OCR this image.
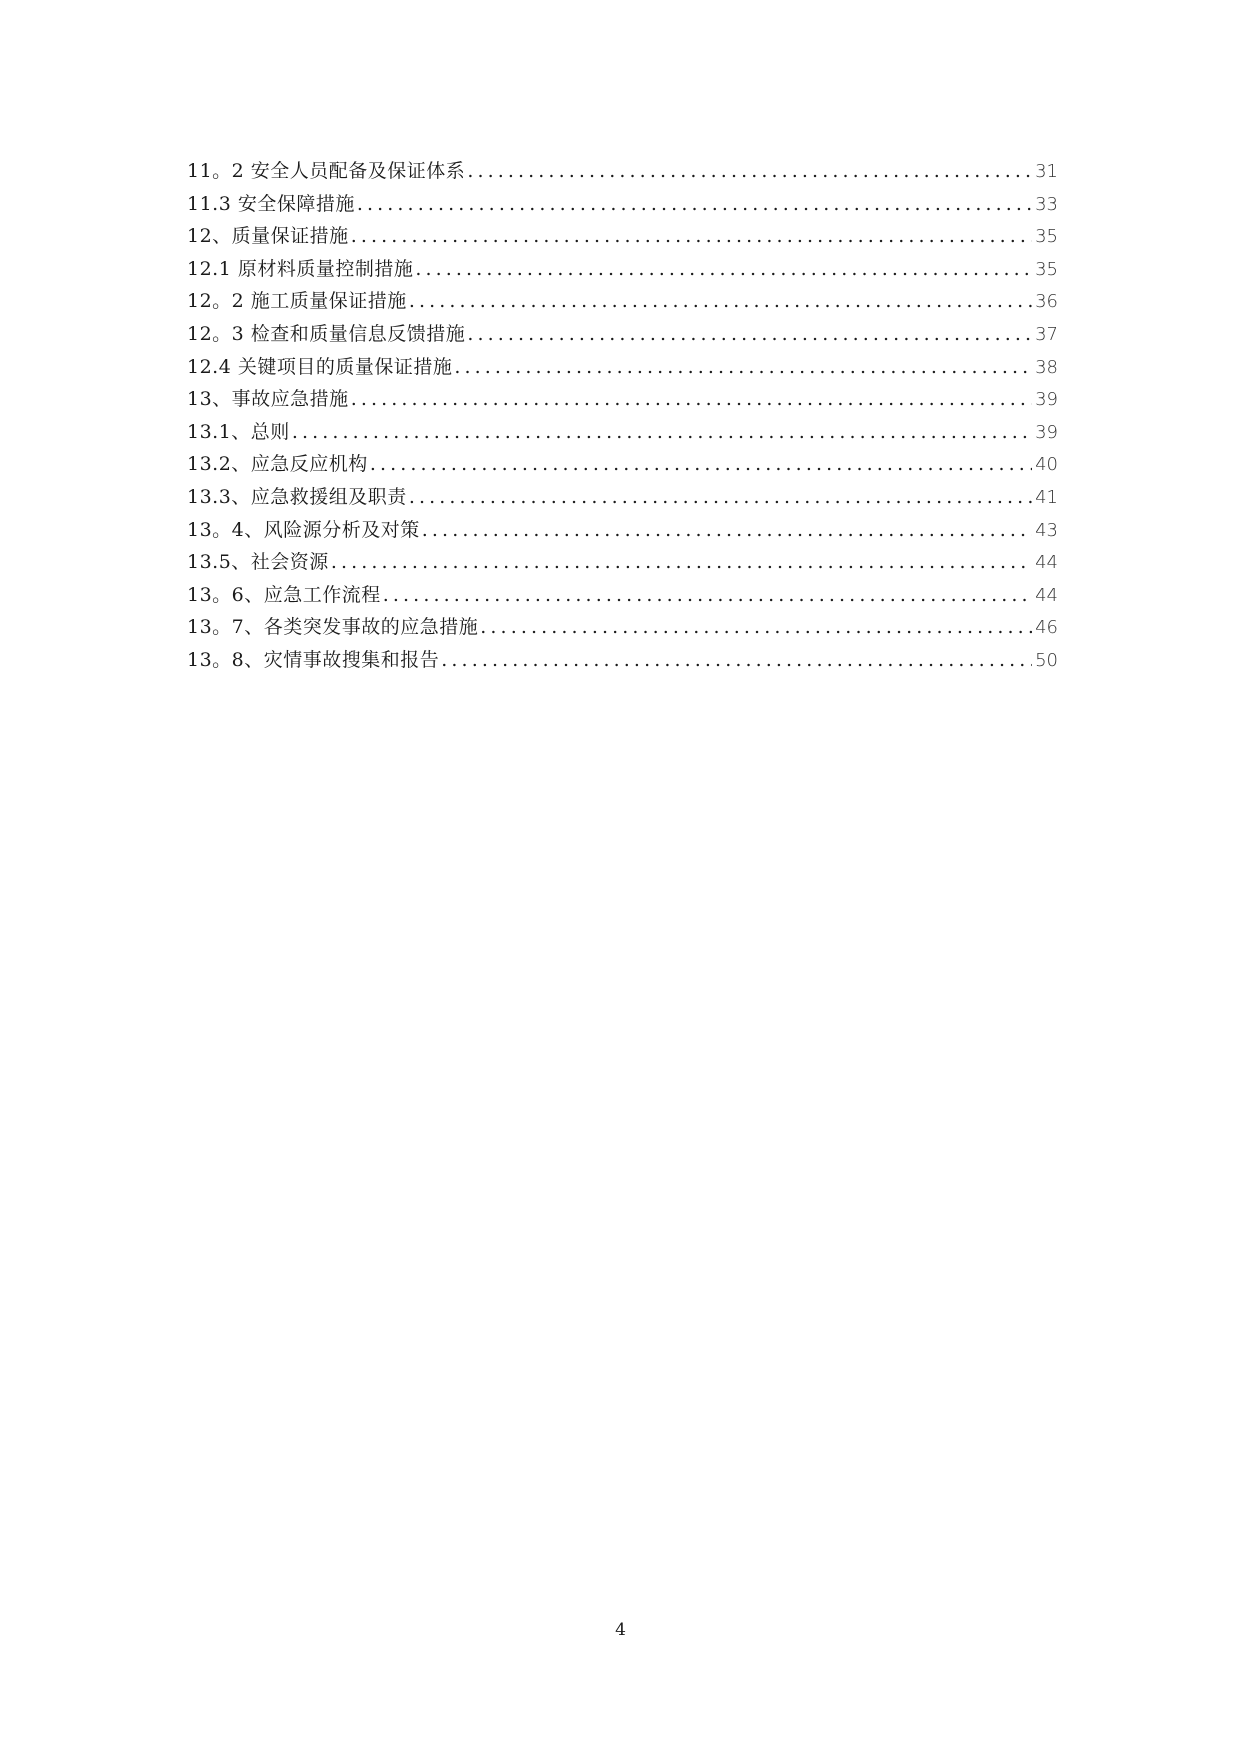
11。2 安全人员配备及保证体系 .....	31
11.3 安全保障措施 .....	33
12、质量保证措施 .....	35
12.1 原材料质量控制措施 .....	35
12。2 施工质量保证措施 .....	36
12。3 检查和质量信息反馈措施 .....	37
12.4 关键项目的质量保证措施 .....	38
13、事故应急措施 .....	39
13.1、总则 .....	39
13.2、应急反应机构 .....	40
13.3、应急救援组及职责 .....	41
13。4、风险源分析及对策 .....	43
13.5、社会资源 .....	44
13。6、应急工作流程 .....	44
13。7、各类突发事故的应急措施 .....	46
13。8、灾情事故搜集和报告 .....	50
4
